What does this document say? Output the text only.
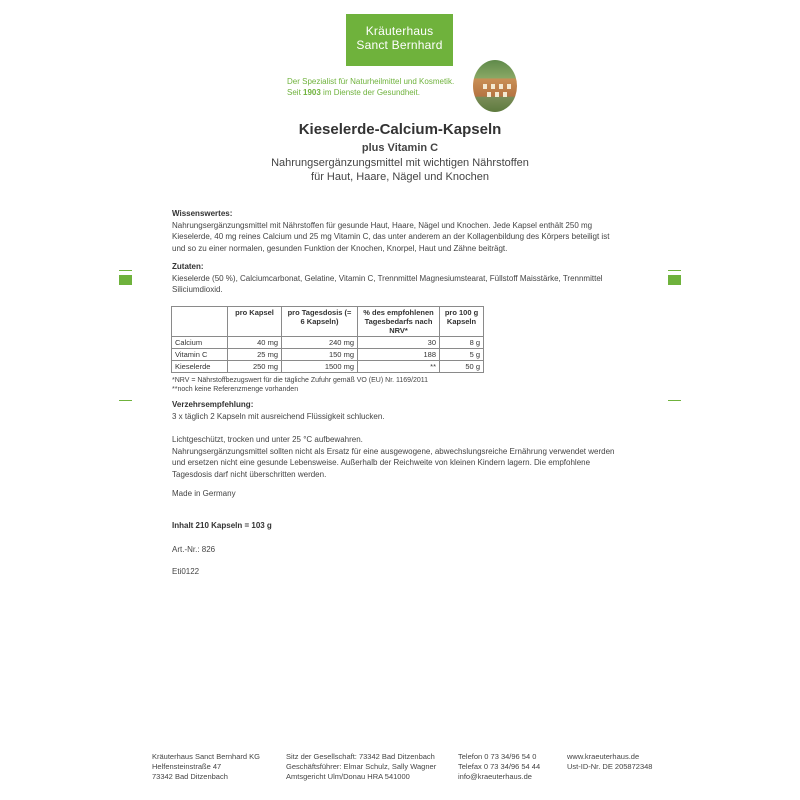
Kräuterhaus
Sanct Bernhard
Der Spezialist für Naturheilmittel und Kosmetik.
Seit 1903 im Dienste der Gesundheit.
Kieselerde-Calcium-Kapseln
plus Vitamin C
Nahrungsergänzungsmittel mit wichtigen Nährstoffen
für Haut, Haare, Nägel und Knochen
Wissenswertes:
Nahrungsergänzungsmittel mit Nährstoffen für gesunde Haut, Haare, Nägel und Knochen. Jede Kapsel enthält 250 mg
Kieselerde, 40 mg reines Calcium und 25 mg Vitamin C, das unter anderem an der Kollagenbildung des Körpers beteiligt ist
und so zu einer normalen, gesunden Funktion der Knochen, Knorpel, Haut und Zähne beiträgt.
Zutaten:
Kieselerde (50 %), Calciumcarbonat, Gelatine, Vitamin C, Trennmittel Magnesiumstearat, Füllstoff Maisstärke, Trennmittel
Siliciumdioxid.
	pro Kapsel	pro Tagesdosis (= 6 Kapseln)	% des empfohlenen Tagesbedarfs nach NRV*	pro 100 g Kapseln
Calcium	40 mg	240 mg	30	8 g
Vitamin C	25 mg	150 mg	188	5 g
Kieselerde	250 mg	1500 mg	**	50 g
*NRV = Nährstoffbezugswert für die tägliche Zufuhr gemäß VO (EU) Nr. 1169/2011
**noch keine Referenzmenge vorhanden
Verzehrsempfehlung:
3 x täglich 2 Kapseln mit ausreichend Flüssigkeit schlucken.
Lichtgeschützt, trocken und unter 25 °C aufbewahren.
Nahrungsergänzungsmittel sollten nicht als Ersatz für eine ausgewogene, abwechslungsreiche Ernährung verwendet werden
und ersetzen nicht eine gesunde Lebensweise. Außerhalb der Reichweite von kleinen Kindern lagern. Die empfohlene
Tagesdosis darf nicht überschritten werden.
Made in Germany
Inhalt 210 Kapseln = 103 g
Art.-Nr.: 826
Eti0122
Kräuterhaus Sanct Bernhard KG
Helfensteinstraße 47
73342 Bad Ditzenbach
Sitz der Gesellschaft: 73342 Bad Ditzenbach
Geschäftsführer: Elmar Schulz, Sally Wagner
Amtsgericht Ulm/Donau HRA 541000
Telefon 0 73 34/96 54 0
Telefax 0 73 34/96 54 44
info@kraeuterhaus.de
www.kraeuterhaus.de
Ust-ID-Nr. DE 205872348
